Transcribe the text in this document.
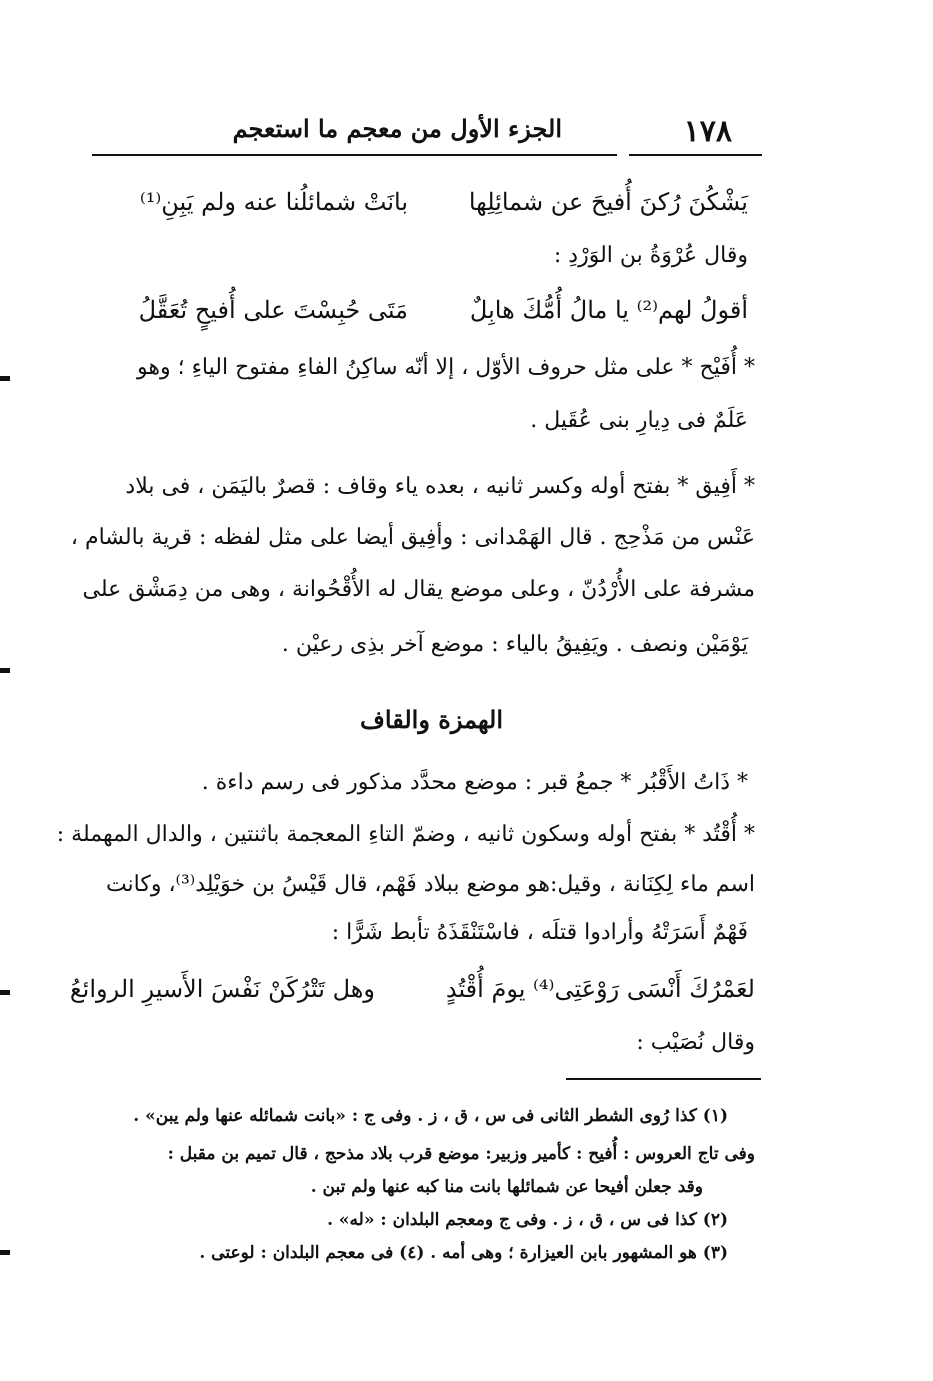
١٧٨
الجزء الأول من معجم ما استعجم
يَشْكُنَ رُكنَ أُفيحَ عن شمائِلِها
بانَتْ شمائلُنا عنه ولم يَبِنِ⁽¹⁾
وقال عُرْوَةُ بن الوَرْدِ :
أقولُ لهم⁽²⁾ يا مالُ أُمُّكَ هابِلٌ
مَتَى حُبِسْتَ على أُفيحٍ تُعَقَّلُ
* أُفَيْح * على مثل حروف الأوّل ، إلا أنّه ساكِنُ الفاءِ مفتوح الياءِ ؛ وهو
عَلَمٌ فى دِيارِ بنى عُقَيل .
* أَفِيق * بفتح أوله وكسر ثانيه ، بعده ياء وقاف : قصرٌ باليَمَن ، فى بلاد
عَنْس من مَذْحِج . قال الهَمْدانى : وأفِيق أيضا على مثل لفظه : قرية بالشام ،
مشرفة على الأُرْدُنّ ، وعلى موضع يقال له الأُقْحُوانة ، وهى من دِمَشْق على
يَوْمَيْن ونصف . ويَفِيقُ بالياء : موضع آخر بذِى رعيْن .
الهمزة والقاف
* ذَاتُ الأَقْبُر * جمعُ قبر : موضع محدَّد مذكور فى رسم داءة .
* أُقْتُد * بفتح أوله وسكون ثانيه ، وضمّ التاءِ المعجمة باثنتين ، والدال المهملة :
اسم ماء لِكِنَانة ، وقيل:هو موضع ببلاد فَهْم، قال قَيْسُ بن خوَيْلِد⁽³⁾، وكانت
فَهْمٌ أَسَرَتْهُ وأرادوا قتلَه ، فاسْتَنْقَذَهُ تأبط شَرًّا :
لعَمْرُكَ أَنْسَى رَوْعَتِى⁽⁴⁾ يومَ أُقْتُدٍ
وهل تَتْرُكَنْ نَفْسَ الأَسيرِ الروائعُ
وقال نُصَيْب :
(١) كذا رُوى الشطر الثانى فى س ، ق ، ز . وفى ج : «بانت شمائله عنها ولم يبن» .
وفى تاج العروس : أُفيح : كأمير وزبير: موضع قرب بلاد مذحج ، قال تميم بن مقبل :
وقد جعلن أفيحا عن شمائلها بانت منا كبه عنها ولم تبن .
(٢) كذا فى س ، ق ، ز . وفى ج ومعجم البلدان : «له» .
(٣) هو المشهور بابن العيزارة ؛ وهى أمه . (٤) فى معجم البلدان : لوعتى .
